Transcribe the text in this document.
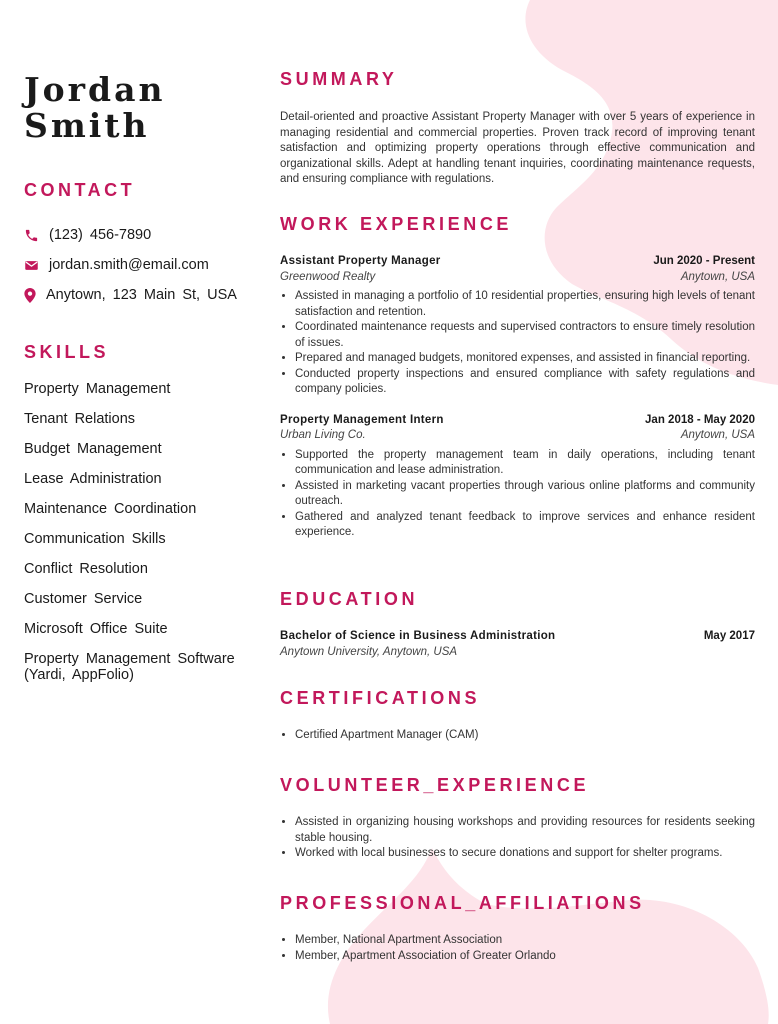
Jordan
Smith
CONTACT
(123) 456-7890
jordan.smith@email.com
Anytown, 123 Main St, USA
SKILLS
Property Management
Tenant Relations
Budget Management
Lease Administration
Maintenance Coordination
Communication Skills
Conflict Resolution
Customer Service
Microsoft Office Suite
Property Management Software (Yardi, AppFolio)
SUMMARY

Detail-oriented and proactive Assistant Property Manager with over 5 years of experience in managing residential and commercial properties. Proven track record of improving tenant satisfaction and optimizing property operations through effective communication and organizational skills. Adept at handling tenant inquiries, coordinating maintenance requests, and ensuring compliance with regulations.

WORK EXPERIENCE
Assistant Property Manager	Jun 2020 - Present
Greenwood Realty	Anytown, USA
• Assisted in managing a portfolio of 10 residential properties, ensuring high levels of tenant satisfaction and retention.
• Coordinated maintenance requests and supervised contractors to ensure timely resolution of issues.
• Prepared and managed budgets, monitored expenses, and assisted in financial reporting.
• Conducted property inspections and ensured compliance with safety regulations and company policies.
Property Management Intern	Jan 2018 - May 2020
Urban Living Co.	Anytown, USA
• Supported the property management team in daily operations, including tenant communication and lease administration.
• Assisted in marketing vacant properties through various online platforms and community outreach.
• Gathered and analyzed tenant feedback to improve services and enhance resident experience.
EDUCATION
Bachelor of Science in Business Administration	May 2017
Anytown University, Anytown, USA
CERTIFICATIONS
• Certified Apartment Manager (CAM)
VOLUNTEER_EXPERIENCE
• Assisted in organizing housing workshops and providing resources for residents seeking stable housing.
• Worked with local businesses to secure donations and support for shelter programs.
PROFESSIONAL_AFFILIATIONS
• Member, National Apartment Association
• Member, Apartment Association of Greater Orlando
